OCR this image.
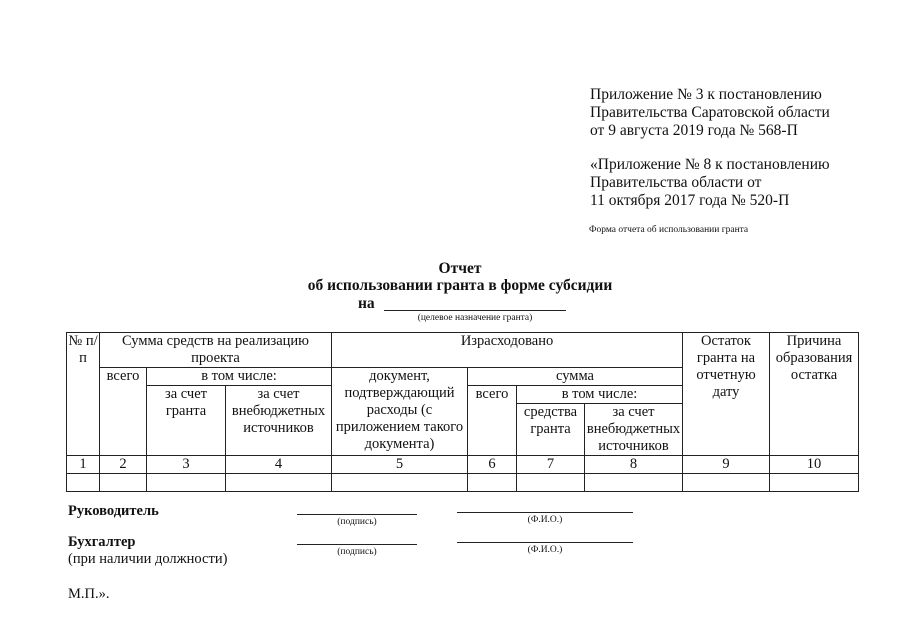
Приложение № 3 к постановлению
Правительства Саратовской области
от 9 августа 2019 года № 568-П
«Приложение № 8 к постановлению
Правительства области от
11 октября 2017 года № 520-П
Форма отчета об использовании гранта
Отчет
об использовании гранта в форме субсидии
на
(целевое назначение гранта)
№ п/п	Сумма средств на реализацию проекта			Израсходовано				Остаток гранта на отчетную дату	Причина образования остатка
	всего	в том числе:		документ, подтверждающий расходы (с приложением такого документа)	сумма				
		за счет гранта	за счет внебюджетных источников		всего	в том числе:			
						средства гранта	за счет внебюджетных источников		
1	2	3	4	5	6	7	8	9	10

Руководитель
(подпись)	(Ф.И.О.)
Бухгалтер
(при наличии должности)	(подпись)	(Ф.И.О.)
М.П.».
